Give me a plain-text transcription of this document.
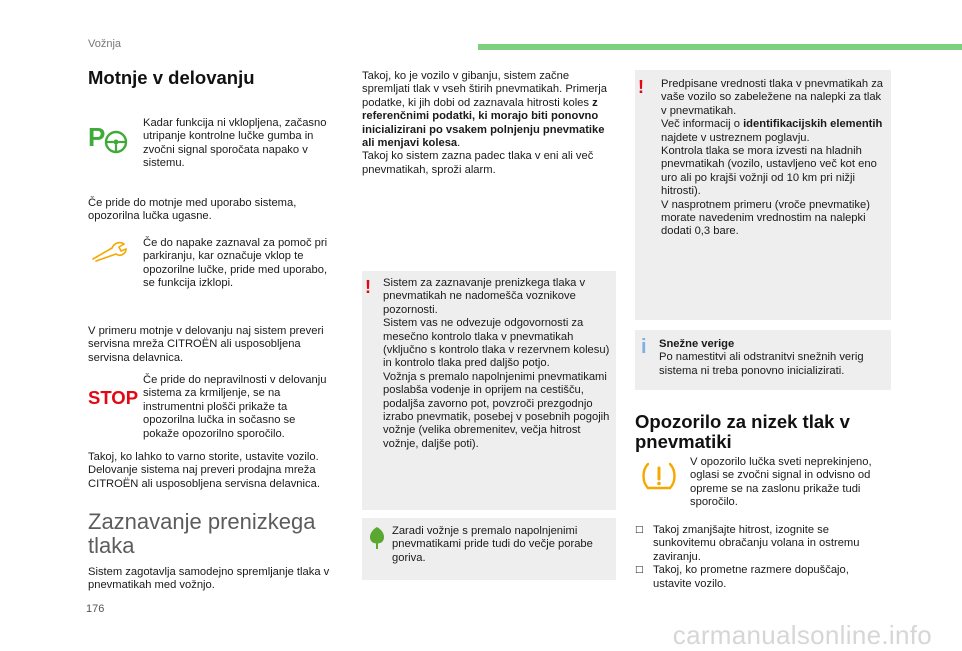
Vožnja
Motnje v delovanju
P	Kadar funkcija ni vklopljena, začasno utripanje kontrolne lučke gumba in zvočni signal sporočata napako v sistemu.

Če pride do motnje med uporabo sistema, opozorilna lučka ugasne.

Če do napake zaznaval za pomoč pri parkiranju, kar označuje vklop te opozorilne lučke, pride med uporabo, se funkcija izklopi.

V primeru motnje v delovanju naj sistem preveri servisna mreža CITROËN ali usposobljena servisna delavnica.

STOP

Če pride do nepravilnosti v delovanju sistema za krmiljenje, se na instrumentni plošči prikaže ta opozorilna lučka in sočasno se pokaže opozorilno sporočilo.

Takoj, ko lahko to varno storite, ustavite vozilo. Delovanje sistema naj preveri prodajna mreža CITROËN ali usposobljena servisna delavnica.

Zaznavanje prenizkega tlaka

Sistem zagotavlja samodejno spremljanje tlaka v pnevmatikah med vožnjo.

Takoj, ko je vozilo v gibanju, sistem začne spremljati tlak v vseh štirih pnevmatikah. Primerja podatke, ki jih dobi od zaznavala hitrosti koles z referenčnimi podatki, ki morajo biti ponovno inicializirani po vsakem polnjenju pnevmatike ali menjavi kolesa.
Takoj ko sistem zazna padec tlaka v eni ali več pnevmatikah, sproži alarm.

! Sistem za zaznavanje prenizkega tlaka v pnevmatikah ne nadomešča voznikove pozornosti.
Sistem vas ne odvezuje odgovornosti za mesečno kontrolo tlaka v pnevmatikah (vključno s kontrolo tlaka v rezervnem kolesu) in kontrolo tlaka pred daljšo potjo.
Vožnja s premalo napolnjenimi pnevmatikami poslabša vodenje in oprijem na cestišču, podaljša zavorno pot, povzroči prezgodnjo izrabo pnevmatik, posebej v posebnih pogojih vožnje (velika obremenitev, večja hitrost vožnje, daljše poti).

Zaradi vožnje s premalo napolnjenimi pnevmatikami pride tudi do večje porabe goriva.

! Predpisane vrednosti tlaka v pnevmatikah za vaše vozilo so zabeležene na nalepki za tlak v pnevmatikah.
Več informacij o identifikacijskih elementih najdete v ustreznem poglavju.
Kontrola tlaka se mora izvesti na hladnih pnevmatikah (vozilo, ustavljeno več kot eno uro ali po krajši vožnji od 10 km pri nižji hitrosti).
V nasprotnem primeru (vroče pnevmatike) morate navedenim vrednostim na nalepki dodati 0,3 bare.

i Snežne verige
Po namestitvi ali odstranitvi snežnih verig sistema ni treba ponovno inicializirati.

Opozorilo za nizek tlak v pnevmatiki

V opozorilo lučka sveti neprekinjeno, oglasi se zvočni signal in odvisno od opreme se na zaslonu prikaže tudi sporočilo.

□ Takoj zmanjšajte hitrost, izognite se sunkovitemu obračanju volana in ostremu zaviranju.
□ Takoj, ko prometne razmere dopuščajo, ustavite vozilo.
176
carmanualsonline.info
